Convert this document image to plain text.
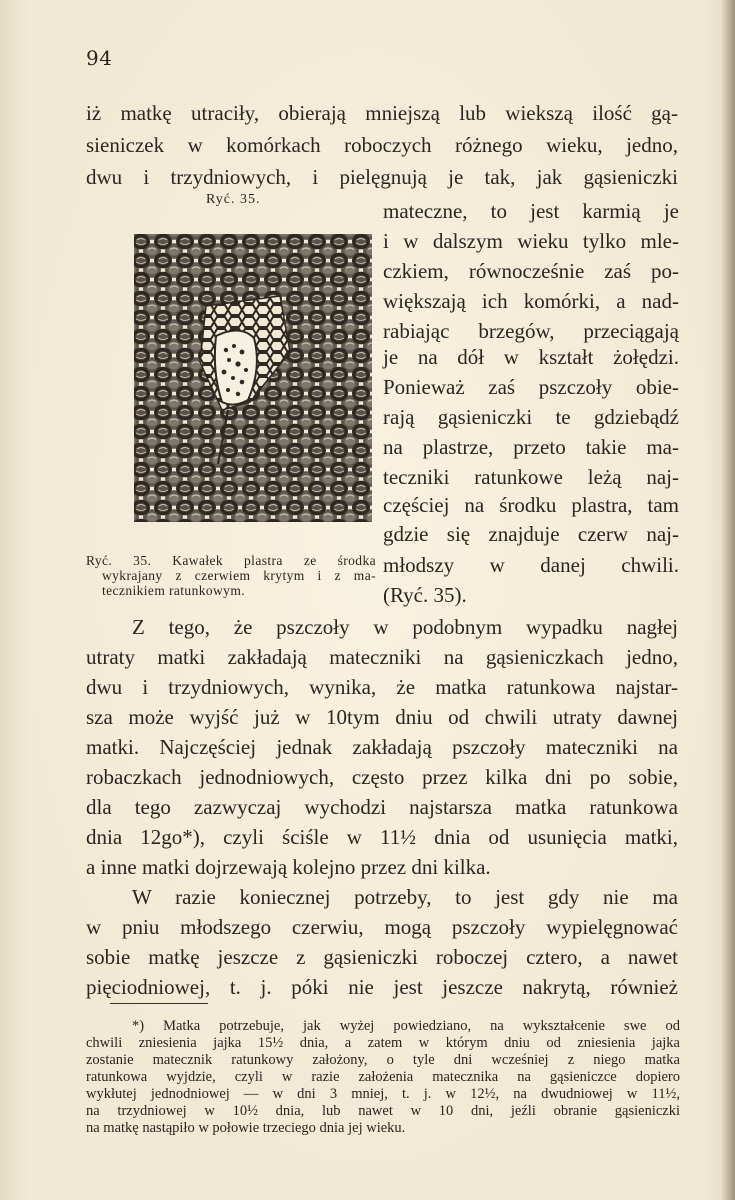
94
iż matkę utraciły, obierają mniejszą lub wiekszą ilość gą-
sieniczek w komórkach roboczych różnego wieku, jedno,
dwu i trzydniowych, i pielęgnują je tak, jak gąsieniczki
Ryć. 35.	mateczne, to jest karmią je
i w dalszym wieku tylko mle-
czkiem, równocześnie zaś po-
większają ich komórki, a nad-
rabiając brzegów, przeciągają
je na dół w kształt żołędzi.
Ponieważ zaś pszczoły obie-
rają gąsieniczki te gdziebądź
na plastrze, przeto takie ma-
teczniki ratunkowe leżą naj-
częściej na środku plastra, tam
gdzie się znajduje czerw naj-
młodszy w danej chwili.
(Ryć. 35).
Ryć. 35. Kawałek plastra ze środka
wykrajany z czerwiem krytym i z ma-
tecznikiem ratunkowym.
Z tego, że pszczoły w podobnym wypadku nagłej
utraty matki zakładają mateczniki na gąsieniczkach jedno,
dwu i trzydniowych, wynika, że matka ratunkowa najstar-
sza może wyjść już w 10tym dniu od chwili utraty dawnej
matki. Najczęściej jednak zakładają pszczoły mateczniki na
robaczkach jednodniowych, często przez kilka dni po sobie,
dla tego zazwyczaj wychodzi najstarsza matka ratunkowa
dnia 12go*), czyli ściśle w 11½ dnia od usunięcia matki,
a inne matki dojrzewają kolejno przez dni kilka.
W razie koniecznej potrzeby, to jest gdy nie ma
w pniu młodszego czerwiu, mogą pszczoły wypielęgnować
sobie matkę jeszcze z gąsieniczki roboczej cztero, a nawet
pięciodniowej, t. j. póki nie jest jeszcze nakrytą, również
*) Matka potrzebuje, jak wyżej powiedziano, na wykształcenie swe od
chwili zniesienia jajka 15½ dnia, a zatem w którym dniu od zniesienia jajka
zostanie matecznik ratunkowy założony, o tyle dni wcześniej z niego matka
ratunkowa wyjdzie, czyli w razie założenia matecznika na gąsieniczce dopiero
wykłutej jednodniowej — w dni 3 mniej, t. j. w 12½, na dwudniowej w 11½,
na trzydniowej w 10½ dnia, lub nawet w 10 dni, jeźli obranie gąsieniczki
na matkę nastąpiło w połowie trzeciego dnia jej wieku.
